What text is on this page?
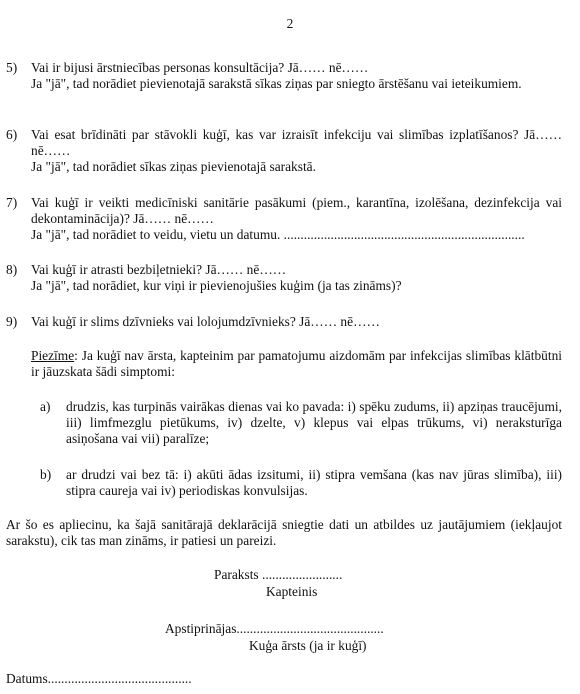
2
5) Vai ir bijusi ārstniecības personas konsultācija? Jā…… nē……
Ja "jā", tad norādiet pievienotajā sarakstā sīkas ziņas par sniegto ārstēšanu vai ieteikumiem.
6) Vai esat brīdināti par stāvokli kuģī, kas var izraisīt infekciju vai slimības izplatīšanos? Jā…… nē……
Ja "jā", tad norādiet sīkas ziņas pievienotajā sarakstā.
7) Vai kuģī ir veikti medicīniski sanitārie pasākumi (piem., karantīna, izolēšana, dezinfekcija vai dekontaminācija)? Jā…… nē……
Ja "jā", tad norādiet to veidu, vietu un datumu. ........................................................................
8) Vai kuģī ir atrasti bezbiļetnieki? Jā…… nē……
Ja "jā", tad norādiet, kur viņi ir pievienojušies kuģim (ja tas zināms)?
9) Vai kuģī ir slims dzīvnieks vai lolojumdzīvnieks? Jā…… nē……
Piezīme: Ja kuģī nav ārsta, kapteinim par pamatojumu aizdomām par infekcijas slimības klātbūtni ir jāuzskata šādi simptomi:
a) drudzis, kas turpinās vairākas dienas vai ko pavada: i) spēku zudums, ii) apziņas traucējumi, iii) limfmezglu pietūkums, iv) dzelte, v) klepus vai elpas trūkums, vi) neraksturīga asiņošana vai vii) paralīze;
b) ar drudzi vai bez tā: i) akūti ādas izsitumi, ii) stipra vemšana (kas nav jūras slimība), iii) stipra caureja vai iv) periodiskas konvulsijas.
Ar šo es apliecinu, ka šajā sanitārajā deklarācijā sniegtie dati un atbildes uz jautājumiem (iekļaujot sarakstu), cik tas man zināms, ir patiesi un pareizi.
Paraksts ........................
Kapteinis
Apstiprinājas............................................
Kuģa ārsts (ja ir kuģī)
Datums...........................................
